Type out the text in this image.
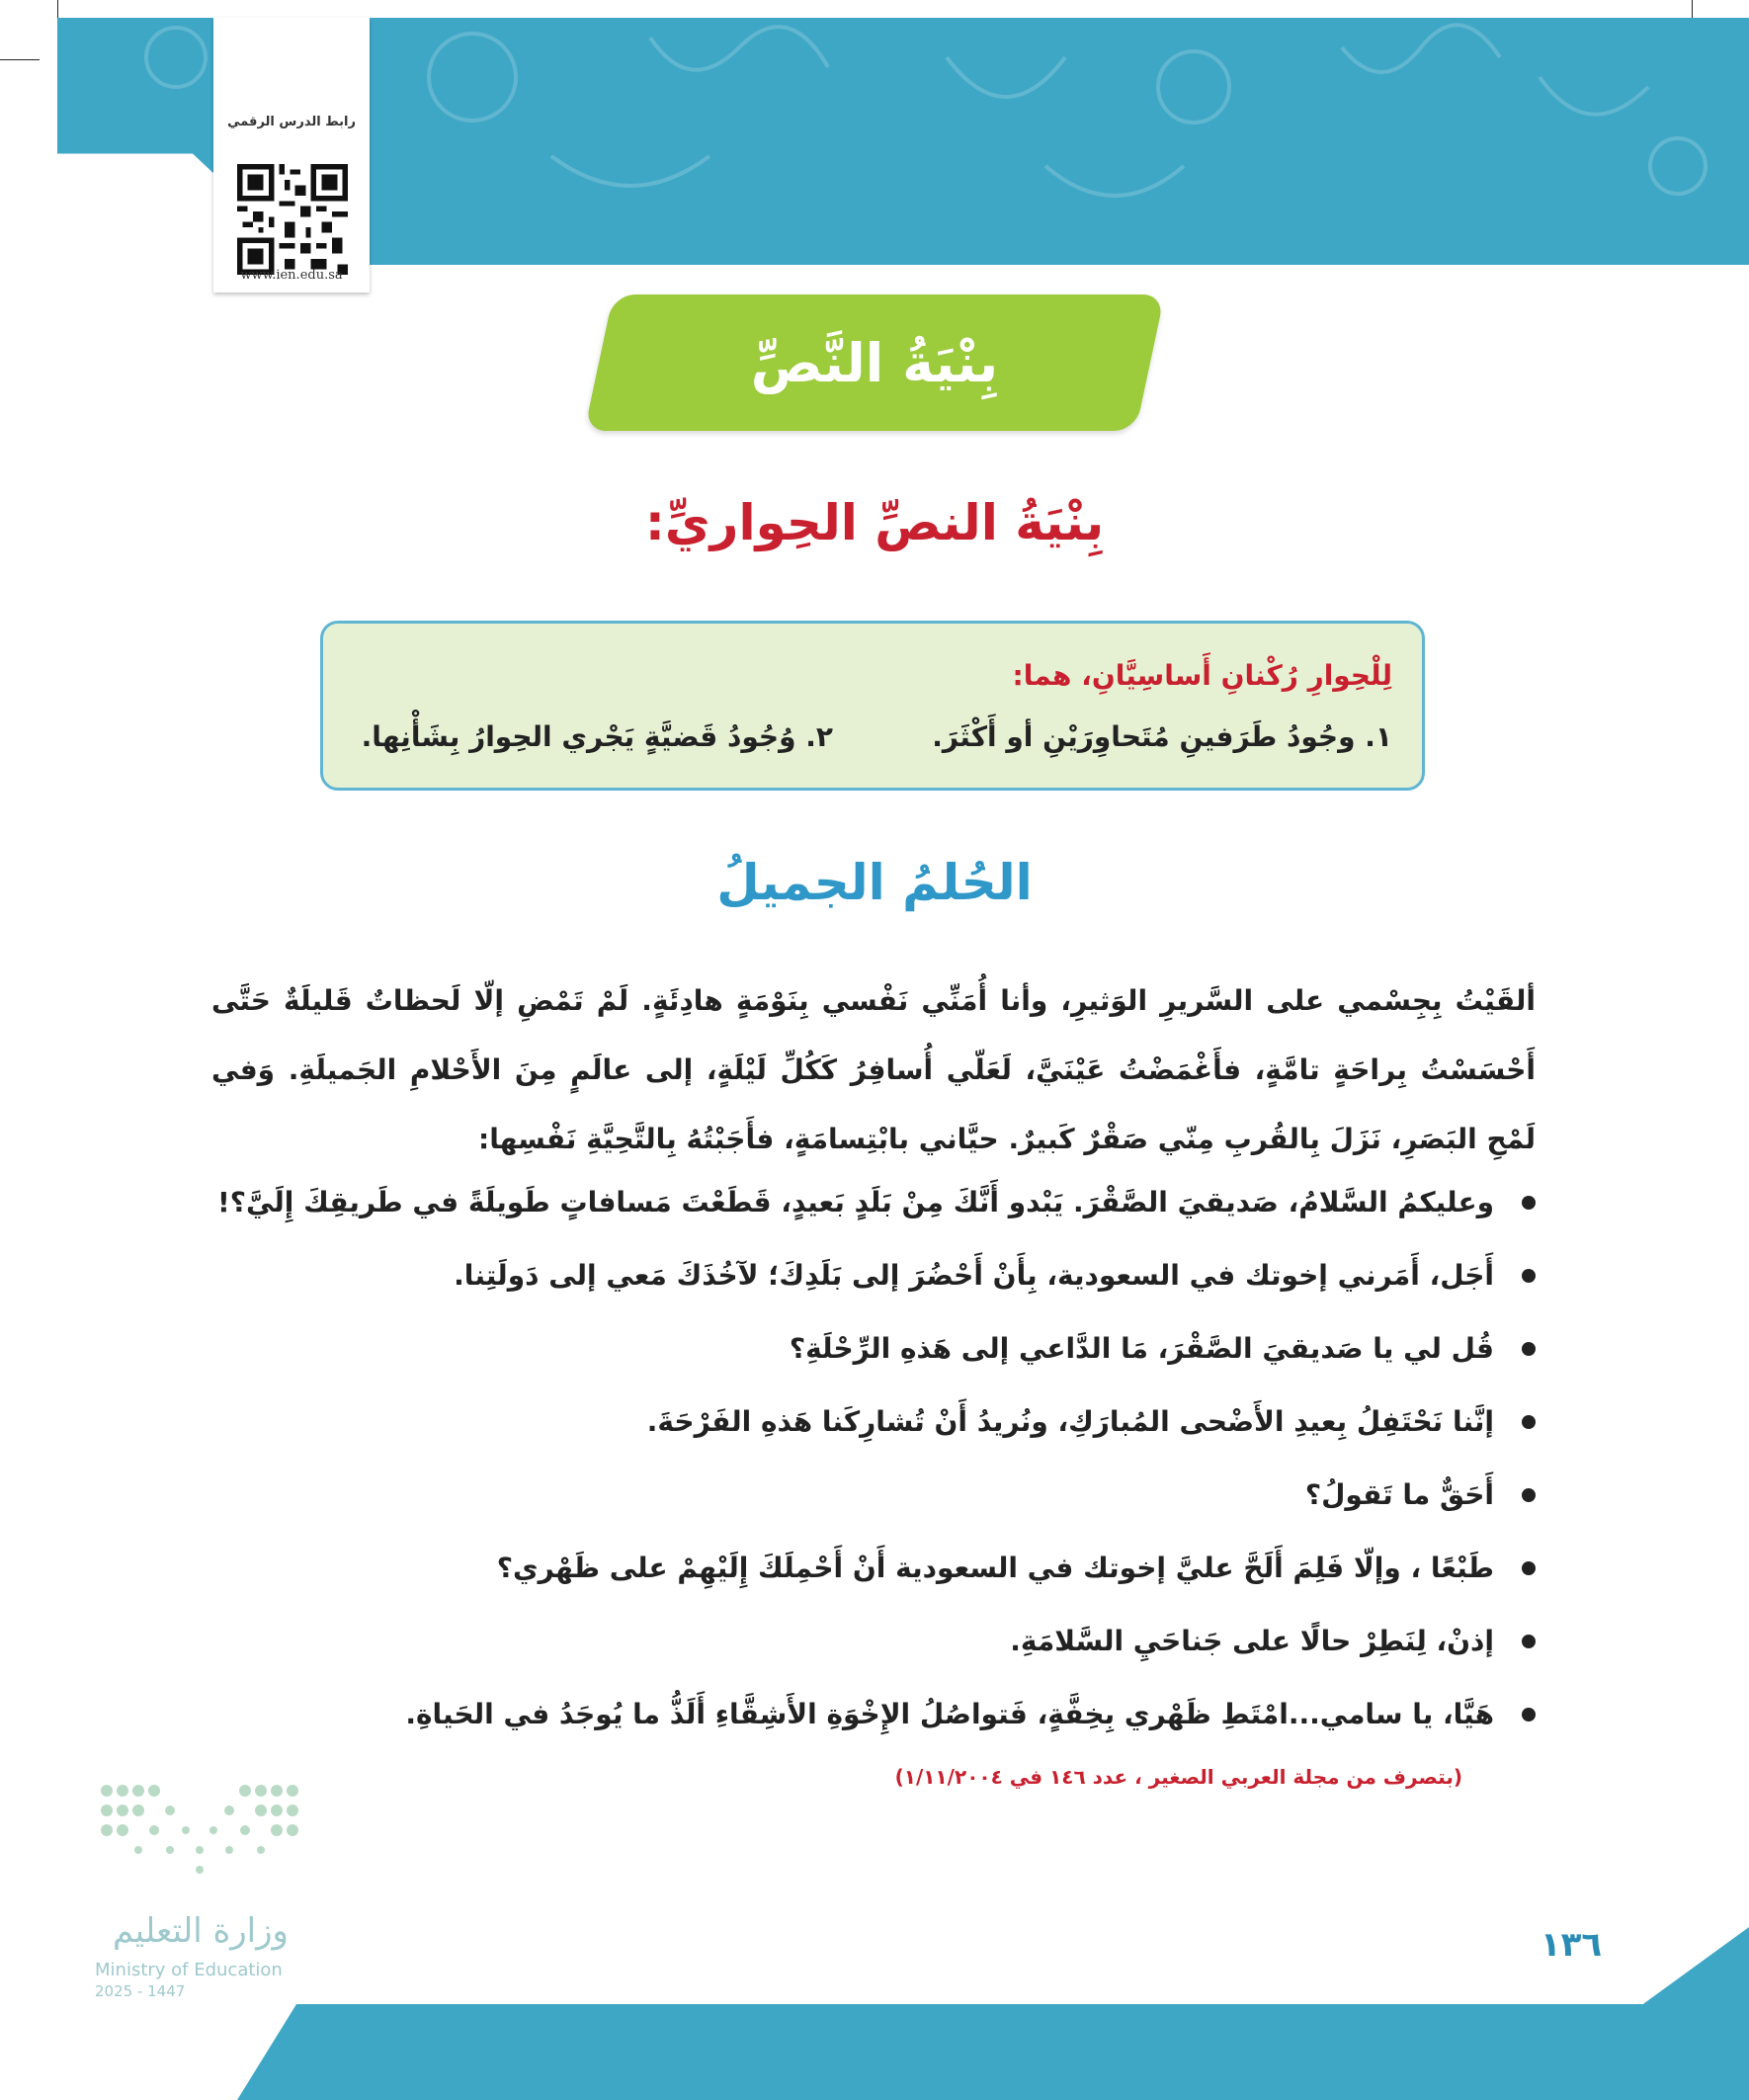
رابط الدرس الرقمي
www.ien.edu.sa
بِنْيَةُ النَّصِّ
بِنْيَةُ النصِّ الحِواريِّ:
لِلْحِوارِ رُكْنانِ أَساسِيَّانِ، هما:
١. وجُودُ طَرَفينِ مُتَحاوِرَيْنِ أو أَكْثَرَ.
٢. وُجُودُ قَضيَّةٍ يَجْري الحِوارُ بِشَأْنِها.
الحُلمُ الجميلُ
ألقَيْتُ بِجِسْمي على السَّريرِ الوَثيرِ، وأنا أُمَنِّي نَفْسي بِنَوْمَةٍ هادِئَةٍ. لَمْ تَمْضِ إلّا لَحظاتٌ قَليلَةٌ حَتَّى أَحْسَسْتُ بِراحَةٍ تامَّةٍ، فأَغْمَضْتُ عَيْنَيَّ، لَعَلّي أُسافِرُ كَكُلِّ لَيْلَةٍ، إلى عالَمٍ مِنَ الأَحْلامِ الجَميلَةِ. وَفي لَمْحِ البَصَرِ، نَزَلَ بِالقُربِ مِنّي صَقْرٌ كَبيرٌ. حيَّاني بابْتِسامَةٍ، فأَجَبْتُهُ بِالتَّحِيَّةِ نَفْسِها:
وعليكمُ السَّلامُ، صَديقيَ الصَّقْرَ. يَبْدو أَنَّكَ مِنْ بَلَدٍ بَعيدٍ، قَطَعْتَ مَسافاتٍ طَويلَةً في طَريقِكَ إِلَيَّ؟!
أَجَل، أَمَرني إخوتك في السعودية، بِأَنْ أَحْضُرَ إلى بَلَدِكَ؛ لآخُذَكَ مَعي إلى دَولَتِنا.
قُل لي يا صَديقيَ الصَّقْرَ، مَا الدَّاعي إلى هَذهِ الرِّحْلَةِ؟
إنَّنا نَحْتَفِلُ بِعيدِ الأَضْحى المُبارَكِ، ونُريدُ أَنْ تُشارِكَنا هَذهِ الفَرْحَةَ.
أَحَقٌّ ما تَقولُ؟
طَبْعًا ، وإلّا فَلِمَ أَلَحَّ عليَّ إخوتك في السعودية أَنْ أَحْمِلَكَ إِلَيْهِمْ على ظَهْري؟
إذنْ، لِنَطِرْ حالًا على جَناحَيِ السَّلامَةِ.
هَيَّا، يا سامي...امْتَطِ ظَهْري بِخِفَّةٍ، فَتواصُلُ الإِخْوَةِ الأَشِقَّاءِ أَلَذُّ ما يُوجَدُ في الحَياةِ.
(بتصرف من مجلة العربي الصغير ، عدد ١٤٦ في ١/١١/٢٠٠٤)
وزارة التعليم
Ministry of Education
2025 - 1447
١٣٦
